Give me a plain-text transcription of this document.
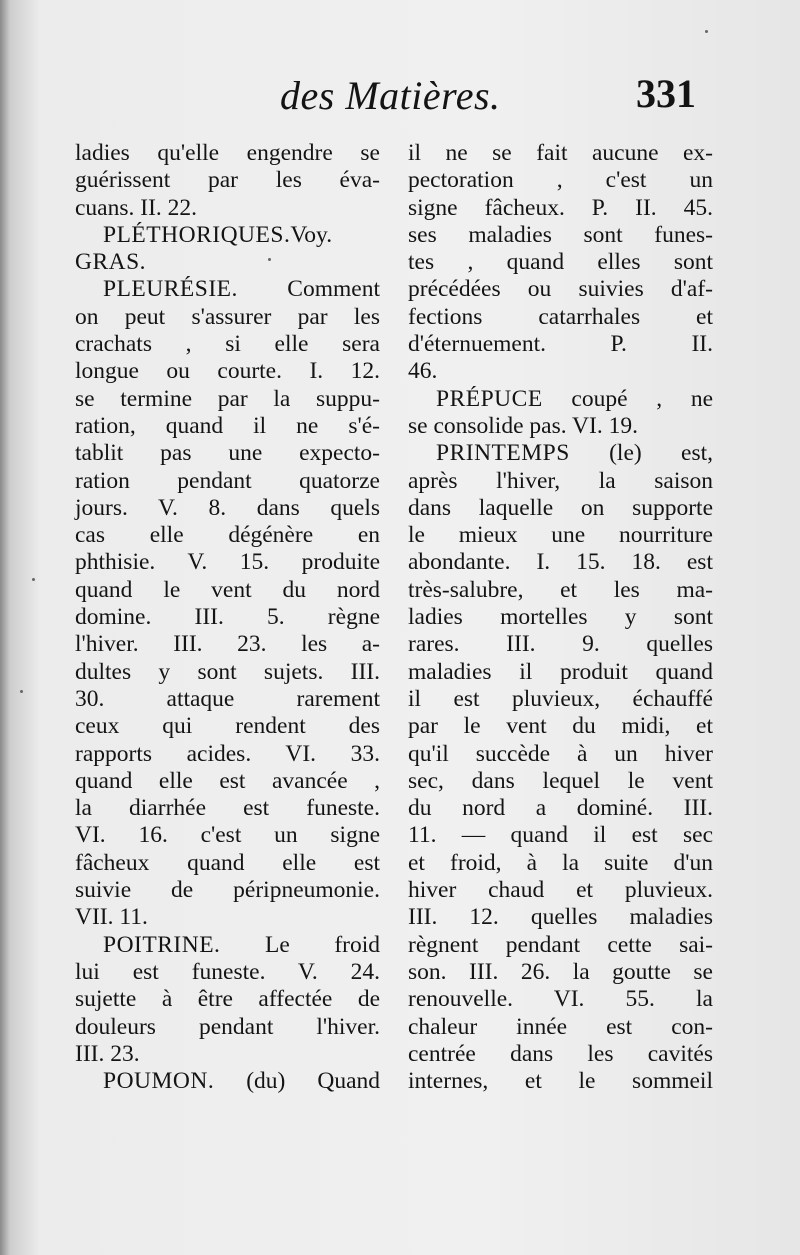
des Matières.	331
ladies qu'elle engendre se
guérissent par les éva-
cuans. II. 22.
PLÉTHORIQUES.Voy.
GRAS.
PLEURÉSIE. Comment
on peut s'assurer par les
crachats , si elle sera
longue ou courte. I. 12.
se termine par la suppu-
ration, quand il ne s'é-
tablit pas une expecto-
ration pendant quatorze
jours. V. 8. dans quels
cas elle dégénère en
phthisie. V. 15. produite
quand le vent du nord
domine. III. 5. règne
l'hiver. III. 23. les a-
dultes y sont sujets. III.
30. attaque rarement
ceux qui rendent des
rapports acides. VI. 33.
quand elle est avancée ,
la diarrhée est funeste.
VI. 16. c'est un signe
fâcheux quand elle est
suivie de péripneumonie.
VII. 11.
POITRINE. Le froid
lui est funeste. V. 24.
sujette à être affectée de
douleurs pendant l'hiver.
III. 23.
POUMON. (du) Quand
il ne se fait aucune ex-
pectoration , c'est un
signe fâcheux. P. II. 45.
ses maladies sont funes-
tes , quand elles sont
précédées ou suivies d'af-
fections catarrhales et
d'éternuement. P. II.
46.
PRÉPUCE coupé , ne
se consolide pas. VI. 19.
PRINTEMPS (le) est,
après l'hiver, la saison
dans laquelle on supporte
le mieux une nourriture
abondante. I. 15. 18. est
très-salubre, et les ma-
ladies mortelles y sont
rares. III. 9. quelles
maladies il produit quand
il est pluvieux, échauffé
par le vent du midi, et
qu'il succède à un hiver
sec, dans lequel le vent
du nord a dominé. III.
11. — quand il est sec
et froid, à la suite d'un
hiver chaud et pluvieux.
III. 12. quelles maladies
règnent pendant cette sai-
son. III. 26. la goutte se
renouvelle. VI. 55. la
chaleur innée est con-
centrée dans les cavités
internes, et le sommeil
